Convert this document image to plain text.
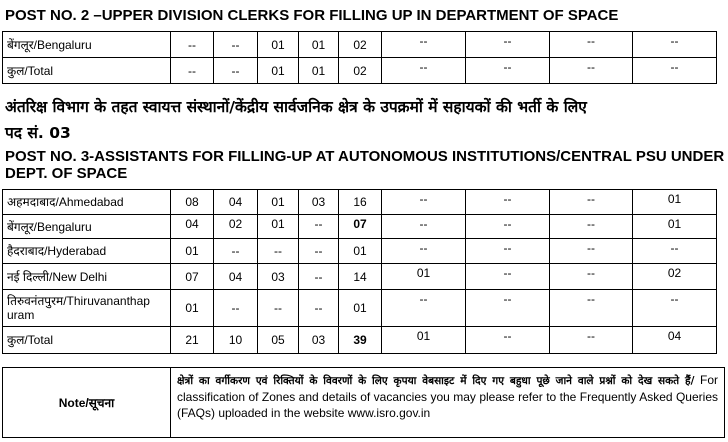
POST NO. 2 –UPPER DIVISION CLERKS FOR FILLING UP IN DEPARTMENT OF SPACE
बेंगलूर/Bengaluru	--	--	01	01	02	--	--	--	--
कुल/Total	--	--	01	01	02	--	--	--	--
अंतरिक्ष विभाग के तहत स्वायत्त संस्थानों/केंद्रीय सार्वजनिक क्षेत्र के उपक्रमों में सहायकों की भर्ती के लिए
पद सं. 03
POST NO. 3-ASSISTANTS FOR FILLING-UP AT AUTONOMOUS INSTITUTIONS/CENTRAL PSU UNDER
DEPT. OF SPACE
अहमदाबाद/Ahmedabad	08	04	01	03	16	--	--	--	01
बेंगलूर/Bengaluru	04	02	01	--	07	--	--	--	01
हैदराबाद/Hyderabad	01	--	--	--	01	--	--	--	--
नई दिल्ली/New Delhi	07	04	03	--	14	01	--	--	02
तिरुवनंतपुरम/Thiruvananthap uram	01	--	--	--	01	--	--	--	--
कुल/Total	21	10	05	03	39	01	--	--	04
Note/सूचना	क्षेत्रों का वर्गीकरण एवं रिक्तियों के विवरणों के लिए कृपया वेबसाइट में दिए गए बहुधा पूछे जाने वाले प्रश्नों को देख सकते हैं/ For classification of Zones and details of vacancies you may please refer to the Frequently Asked Queries (FAQs) uploaded in the website www.isro.gov.in
